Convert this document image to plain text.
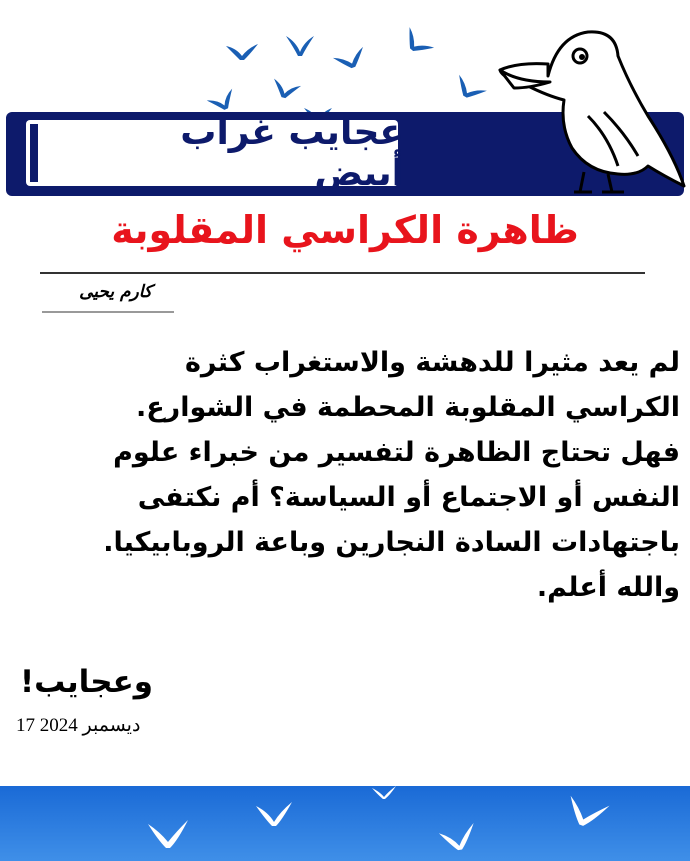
عجايب غراب أبيض
ظاهرة الكراسي المقلوبة
كارم يحيى

لم يعد مثيرا للدهشة والاستغراب كثرة

الكراسي المقلوبة المحطمة في الشوارع.

فهل تحتاج الظاهرة لتفسير من خبراء علوم

النفس أو الاجتماع أو السياسة؟ أم نكتفى

باجتهادات السادة النجارين وباعة الروبابيكيا.

والله أعلم.

وعجايب!
17 ديسمبر 2024
